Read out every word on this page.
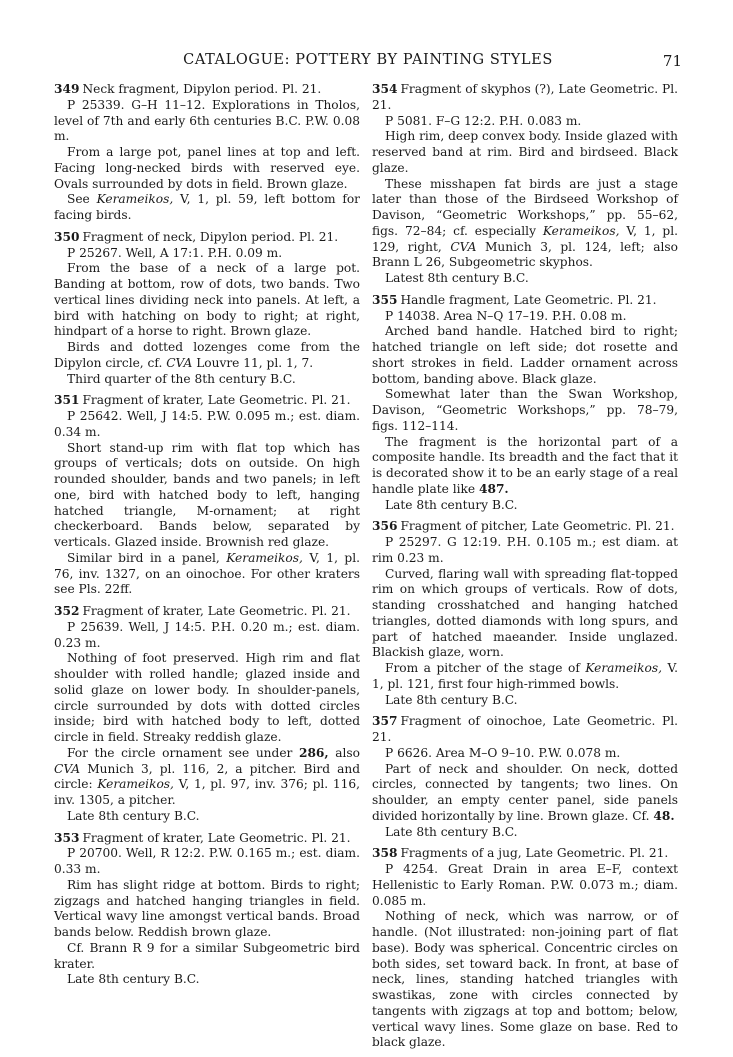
CATALOGUE: POTTERY BY PAINTING STYLES	71

349 Neck fragment, Dipylon period. Pl. 21.

P 25339. G–H 11–12. Explorations in Tholos, level of 7th and early 6th centuries B.C. P.W. 0.08 m.

From a large pot, panel lines at top and left. Facing long-necked birds with reserved eye. Ovals surrounded by dots in field. Brown glaze.

See Kerameikos, V, 1, pl. 59, left bottom for facing birds.

350 Fragment of neck, Dipylon period. Pl. 21.

P 25267. Well, A 17:1. P.H. 0.09 m.

From the base of a neck of a large pot. Banding at bottom, row of dots, two bands. Two vertical lines dividing neck into panels. At left, a bird with hatching on body to right; at right, hindpart of a horse to right. Brown glaze.

Birds and dotted lozenges come from the Dipylon circle, cf. CVA Louvre 11, pl. 1, 7.

Third quarter of the 8th century B.C.

351 Fragment of krater, Late Geometric. Pl. 21.

P 25642. Well, J 14:5. P.W. 0.095 m.; est. diam. 0.34 m.

Short stand-up rim with flat top which has groups of verticals; dots on outside. On high rounded shoulder, bands and two panels; in left one, bird with hatched body to left, hanging hatched triangle, M-ornament; at right checkerboard. Bands below, separated by verticals. Glazed inside. Brownish red glaze.

Similar bird in a panel, Kerameikos, V, 1, pl. 76, inv. 1327, on an oinochoe. For other kraters see Pls. 22ff.

352 Fragment of krater, Late Geometric. Pl. 21.

P 25639. Well, J 14:5. P.H. 0.20 m.; est. diam. 0.23 m.

Nothing of foot preserved. High rim and flat shoulder with rolled handle; glazed inside and solid glaze on lower body. In shoulder-panels, circle surrounded by dots with dotted circles inside; bird with hatched body to left, dotted circle in field. Streaky reddish glaze.

For the circle ornament see under 286, also CVA Munich 3, pl. 116, 2, a pitcher. Bird and circle: Kerameikos, V, 1, pl. 97, inv. 376; pl. 116, inv. 1305, a pitcher.

Late 8th century B.C.

353 Fragment of krater, Late Geometric. Pl. 21.

P 20700. Well, R 12:2. P.W. 0.165 m.; est. diam. 0.33 m.

Rim has slight ridge at bottom. Birds to right; zigzags and hatched hanging triangles in field. Vertical wavy line amongst vertical bands. Broad bands below. Reddish brown glaze.

Cf. Brann R 9 for a similar Subgeometric bird krater.

Late 8th century B.C.

354 Fragment of skyphos (?), Late Geometric. Pl. 21.

P 5081. F–G 12:2. P.H. 0.083 m.

High rim, deep convex body. Inside glazed with reserved band at rim. Bird and birdseed. Black glaze.

These misshapen fat birds are just a stage later than those of the Birdseed Workshop of Davison, “Geometric Workshops,” pp. 55–62, figs. 72–84; cf. especially Kerameikos, V, 1, pl. 129, right, CVA Munich 3, pl. 124, left; also Brann L 26, Subgeometric skyphos.

Latest 8th century B.C.

355 Handle fragment, Late Geometric. Pl. 21.

P 14038. Area N–Q 17–19. P.H. 0.08 m.

Arched band handle. Hatched bird to right; hatched triangle on left side; dot rosette and short strokes in field. Ladder ornament across bottom, banding above. Black glaze.

Somewhat later than the Swan Workshop, Davison, “Geometric Workshops,” pp. 78–79, figs. 112–114.

The fragment is the horizontal part of a composite handle. Its breadth and the fact that it is decorated show it to be an early stage of a real handle plate like 487.

Late 8th century B.C.

356 Fragment of pitcher, Late Geometric. Pl. 21.

P 25297. G 12:19. P.H. 0.105 m.; est diam. at rim 0.23 m.

Curved, flaring wall with spreading flat-topped rim on which groups of verticals. Row of dots, standing crosshatched and hanging hatched triangles, dotted diamonds with long spurs, and part of hatched maeander. Inside unglazed. Blackish glaze, worn.

From a pitcher of the stage of Kerameikos, V. 1, pl. 121, first four high-rimmed bowls.

Late 8th century B.C.

357 Fragment of oinochoe, Late Geometric. Pl. 21.

P 6626. Area M–O 9–10. P.W. 0.078 m.

Part of neck and shoulder. On neck, dotted circles, connected by tangents; two lines. On shoulder, an empty center panel, side panels divided horizontally by line. Brown glaze. Cf. 48.

Late 8th century B.C.

358 Fragments of a jug, Late Geometric. Pl. 21.

P 4254. Great Drain in area E–F, context Hellenistic to Early Roman. P.W. 0.073 m.; diam. 0.085 m.

Nothing of neck, which was narrow, or of handle. (Not illustrated: non-joining part of flat base). Body was spherical. Concentric circles on both sides, set toward back. In front, at base of neck, lines, standing hatched triangles with swastikas, zone with circles connected by tangents with zigzags at top and bottom; below, vertical wavy lines. Some glaze on base. Red to black glaze.
